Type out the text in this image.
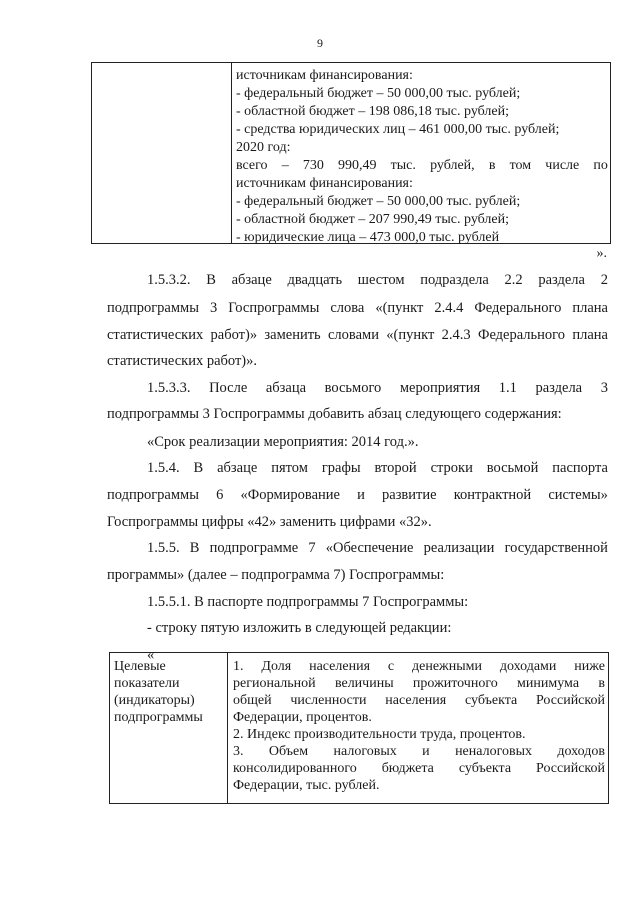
9
источникам финансирования:
- федеральный бюджет – 50 000,00 тыс. рублей;
- областной бюджет – 198 086,18 тыс. рублей;
- средства юридических лиц – 461 000,00 тыс. рублей;
2020 год:
всего – 730 990,49 тыс. рублей, в том числе по
источникам финансирования:
- федеральный бюджет – 50 000,00 тыс. рублей;
- областной бюджет – 207 990,49 тыс. рублей;
- юридические лица – 473 000,0 тыс. рублей
».
1.5.3.2. В абзаце двадцать шестом подраздела 2.2 раздела 2
подпрограммы 3 Госпрограммы слова «(пункт 2.4.4 Федерального плана
статистических работ)» заменить словами «(пункт 2.4.3 Федерального плана
статистических работ)».
1.5.3.3. После абзаца восьмого мероприятия 1.1 раздела 3
подпрограммы 3 Госпрограммы добавить абзац следующего содержания:
«Срок реализации мероприятия: 2014 год.».
1.5.4. В абзаце пятом графы второй строки восьмой паспорта
подпрограммы 6 «Формирование и развитие контрактной системы»
Госпрограммы цифры «42» заменить цифрами «32».
1.5.5. В подпрограмме 7 «Обеспечение реализации государственной
программы» (далее – подпрограмма 7) Госпрограммы:
1.5.5.1. В паспорте подпрограммы 7 Госпрограммы:
- строку пятую изложить в следующей редакции:
«
Целевые
показатели
(индикаторы)
подпрограммы
1. Доля населения с денежными доходами ниже
региональной величины прожиточного минимума в
общей численности населения субъекта Российской
Федерации, процентов.
2. Индекс производительности труда, процентов.
3. Объем налоговых и неналоговых доходов
консолидированного бюджета субъекта Российской
Федерации, тыс. рублей.
